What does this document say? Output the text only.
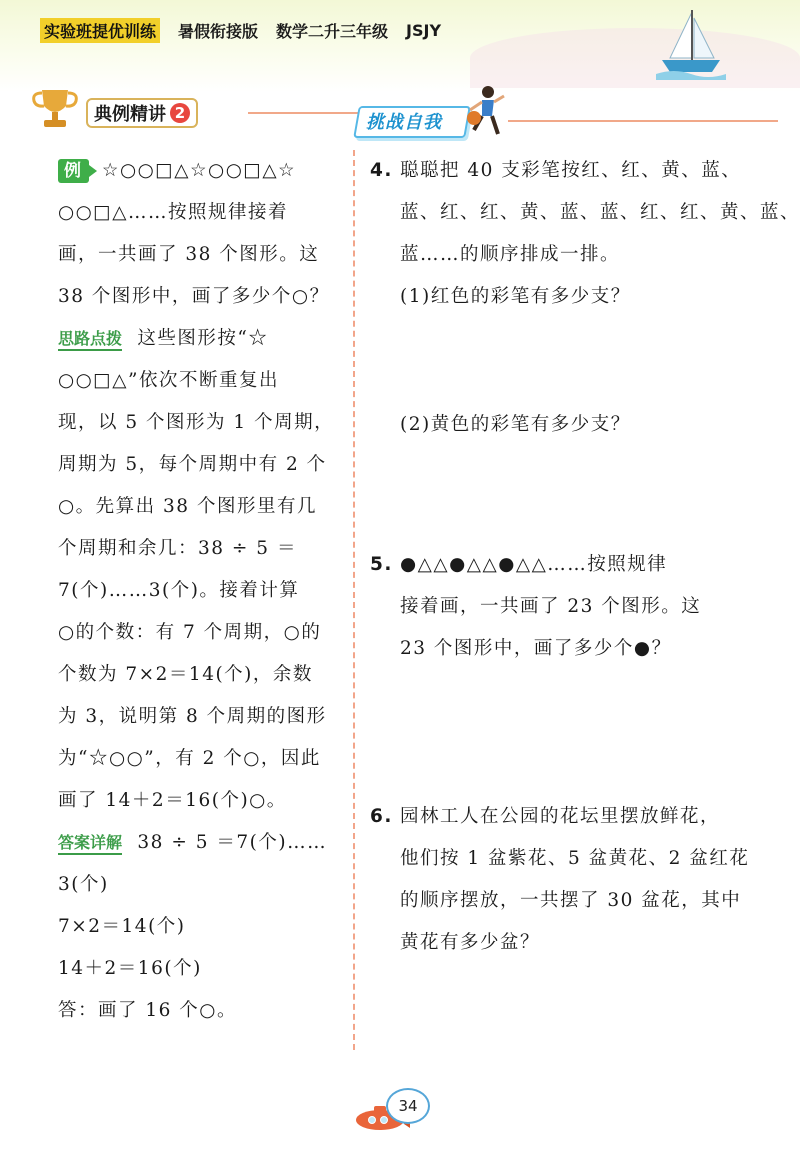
实验班提优训练 暑假衔接版 数学二升三年级 JSJY
典例精讲 2	挑战自我
例 ☆○○□△☆○○□△☆
○○□△……按照规律接着
画，一共画了 38 个图形。这
38 个图形中，画了多少个○？
思路点拨 这些图形按“☆
○○□△”依次不断重复出
现，以 5 个图形为 1 个周期，
周期为 5，每个周期中有 2 个
○。先算出 38 个图形里有几
个周期和余几：38 ÷ 5 ＝
7(个)……3(个)。接着计算
○的个数：有 7 个周期，○的
个数为 7×2＝14(个)，余数
为 3，说明第 8 个周期的图形
为“☆○○”，有 2 个○，因此
画了 14＋2＝16(个)○。
答案详解 38 ÷ 5 ＝7(个)……
3(个)
7×2＝14(个)
14＋2＝16(个)
答：画了 16 个○。
4. 聪聪把 40 支彩笔按红、红、黄、蓝、
蓝、红、红、黄、蓝、蓝、红、红、黄、蓝、
蓝……的顺序排成一排。
(1)红色的彩笔有多少支？
(2)黄色的彩笔有多少支？
5. ●△△●△△●△△……按照规律
接着画，一共画了 23 个图形。这
23 个图形中，画了多少个●？
6. 园林工人在公园的花坛里摆放鲜花，
他们按 1 盆紫花、5 盆黄花、2 盆红花
的顺序摆放，一共摆了 30 盆花，其中
黄花有多少盆？
34
